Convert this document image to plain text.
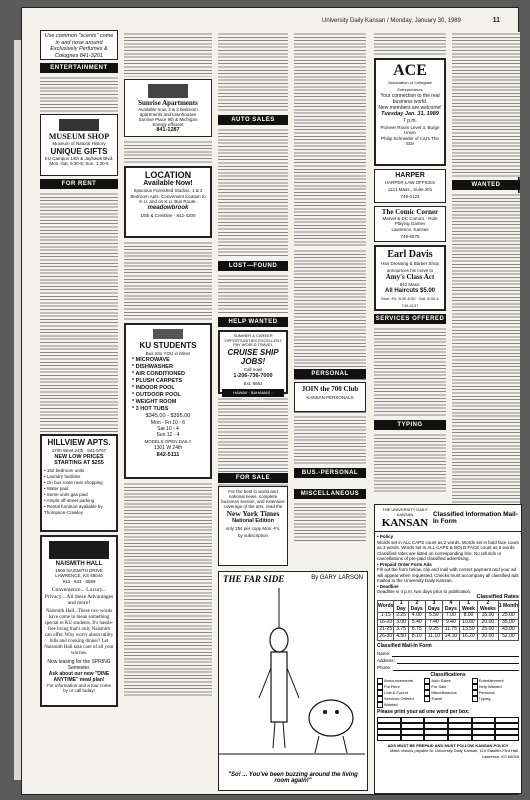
University Daily Kansan / Monday, January 30, 1989	11
Use common "scents" come in and nose around Exclusively Perfumes & Colognes 841-3201
ENTERTAINMENT
MUSEUM SHOP
Museum of Natural History
UNIQUE GIFTS
KU Campus 14th & Jayhawk Blvd.
Mon.-Sat. 9:30-5; Sun. 1:30-5
FOR RENT
HILLVIEW APTS.
1700 West 24th · 841-5767
NEW LOW PRICES STARTING AT $255
• 162 bedroom units
• Laundry facilities
• On bus route near shopping
• Water paid
• Some units gas paid
• Ample off-street parking
• Rental furniture available by Thompson-Crawley
NAISMITH HALL
1800 NAISMITH DRIVE LAWRENCE, KS 66044
913 · 843 · 8559
Convenience... Luxury... Privacy... All these Advantages and more!
Naismith Hall...These two words have come to mean something special to KU students. It's hassle-free living that's only Naismith can offer. Why worry about utility bills and cooking dinner? Let Naismith Hall take care of all your worries.
Now leasing for the SPRING Semester.
Ask about our new "DINE ANYTIME" meal plan!
For information and a tour come by or call today!
Sunrise Apartments
Available now, 2 & 3 bedroom apartments and townhouses
Sunrise Place 9th & Michigan
Energy efficient
841-1287
LOCATION
Available Now!
Spacious Furnished Studios, 1 & 2 Bedroom Apts. Convenient location to K.U. and on K.U. Bus Route.
meadowbrook
15th & Crestline · 842-4200
KU STUDENTS
Bus Into YOU in Mine!
* MICROWAVE
* DISHWASHER
* AIR CONDITIONED
* PLUSH CARPETS
* INDOOR POOL
* OUTDOOR POOL
* WEIGHT ROOM
* 3 HOT TUBS
$345.00 - $395.00
Mon - Fri 10 - 6
Sat 10 - 4
Sun 12 - 4
MODELS OPEN DAILY
1301 W 24th
842-5111
AUTO SALES
LOST—FOUND
HELP WANTED
SUMMER & CAREER OPPORTUNITIES EXCELLENT PAY WORLD TRAVEL
CRUISE SHIP JOBS!
Call now!
1-206-736-7000
Ext. 666J
HAWAII · BAHAMAS · CARIBBEAN
FOR SALE
For the best in world and national news, complete business section, and extensive coverage of the arts, read the
New York Times
National Edition
only 25¢ per copy Mon.-Fri.
by subscription
MISCELLANEOUS
ACE
Association of Collegiate Entrepreneurs
Your connection to the real business world.
New members are welcome!
Tuesday Jan. 31, 1989
7 p.m.
Pioneer Room Level 3, Burge Union
Philip Schneider of Cat's The Star
HARPER
HARPER LAW OFFICES
1121 Mass., Suite 201
749-0123
The Comic Corner
Marvel & DC Comics · Role Playing Games
Lawrence, Kansas
749-6575
Earl Davis
Hair Dressing & Barber Shop
announces his move to
Amy's Class Act
842 Mass.
All Haircuts $5.00
Mon.-Fri. 8:30-5:30 · Sat. 8:30-4
749-4137
SERVICES OFFERED
TYPING
WANTED
PERSONAL
JOIN the 700 Club
KANSAN PERSONALS
BUS.-PERSONAL
THE FAR SIDE	By GARY LARSON
"So! ... You've been buzzing around the living room again!"
THE UNIVERSITY DAILY KANSAN
KANSAN
Classified Information Mail-In Form
• Policy
Words set in ALL CAPS count as 2 words. Words set in bold face count as 3 words. Words set in ALL CAPS & BOLD FACE count as 5 words. Classified rates are listed on corresponding line. No refunds or cancellations of pre-paid classified advertising.
• Prepaid Order Form Ads
Fill out the form below, clip and mail with correct payment and your ad will appear when requested. Checks must accompany all classified ads mailed to the University Daily Kansan.
• Deadline
Deadline is 4 p.m. two days prior to publication.
Classified Rates
Words	1 Day	2 Days	3 Days	4 Days	1 Week	2 Weeks	1 Month
1-15	2.25	4.00	5.50	7.00	8.00	15.00	25.00
16-20	3.00	5.40	7.40	9.40	10.80	20.00	35.00
21-25	3.75	6.75	9.25	11.75	13.50	25.00	43.00
26-30	4.50	8.10	11.10	14.10	16.20	30.00	52.00
Classified Mail-In Form
Name:
Address:
Phone:
Classifications
Announcements	Auto Sales	Entertainment
For Rent	For Sale	Help Wanted
Lost & Found	Miscellaneous	Personal
Services Offered	Travel	Typing
Wanted
Please print your ad one word per box:
ADS MUST BE PREPAID AND MUST FOLLOW KANSAN POLICY
Make checks payable to: University Daily Kansan, 119 Stauffer-Flint Hall, Lawrence, KS 66045
